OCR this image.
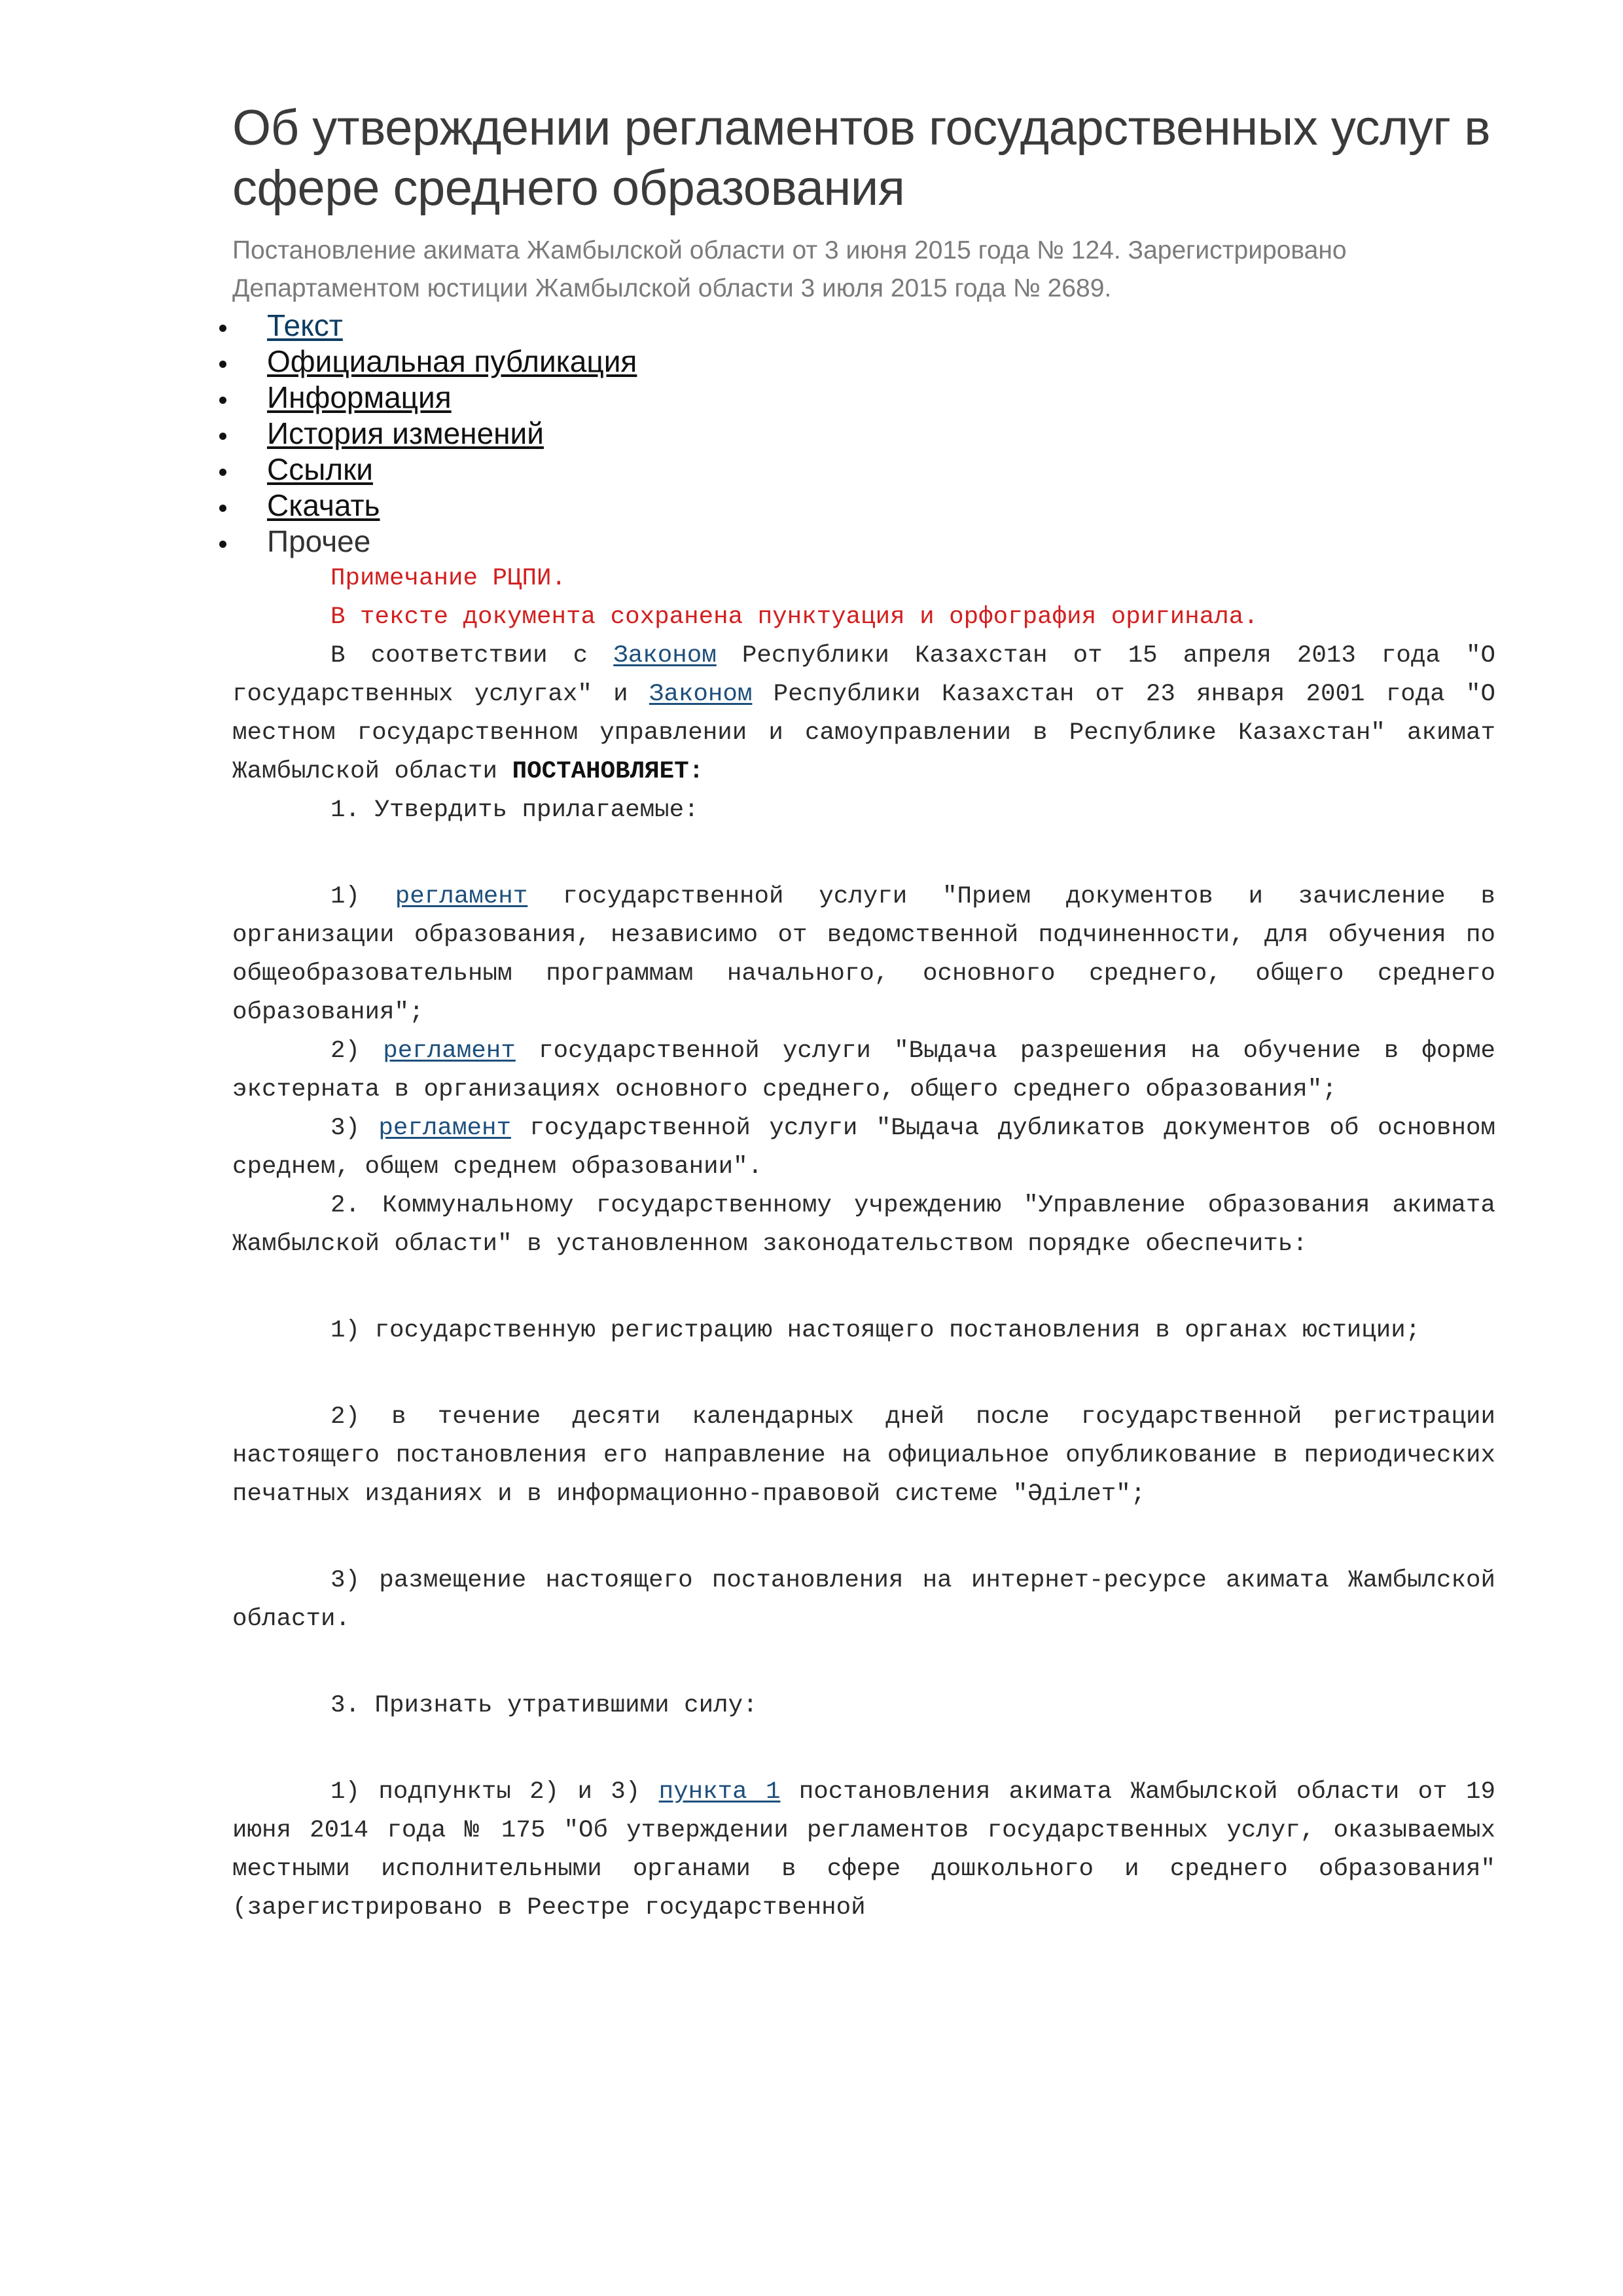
Об утверждении регламентов государственных услуг в сфере среднего образования
Постановление акимата Жамбылской области от 3 июня 2015 года № 124. Зарегистрировано Департаментом юстиции Жамбылской области 3 июля 2015 года № 2689.
Текст
Официальная публикация
Информация
История изменений
Ссылки
Скачать
Прочее

Примечание РЦПИ.

В тексте документа сохранена пунктуация и орфография оригинала.

В соответствии с Законом Республики Казахстан от 15 апреля 2013 года "О государственных услугах" и Законом Республики Казахстан от 23 января 2001 года "О местном государственном управлении и самоуправлении в Республике Казахстан" акимат Жамбылской области ПОСТАНОВЛЯЕТ:

1. Утвердить прилагаемые:

1) регламент государственной услуги "Прием документов и зачисление в организации образования, независимо от ведомственной подчиненности, для обучения по общеобразовательным программам начального, основного среднего, общего среднего образования";

2) регламент государственной услуги "Выдача разрешения на обучение в форме экстерната в организациях основного среднего, общего среднего образования";

3) регламент государственной услуги "Выдача дубликатов документов об основном среднем, общем среднем образовании".

2. Коммунальному государственному учреждению "Управление образования акимата Жамбылской области" в установленном законодательством порядке обеспечить:

1) государственную регистрацию настоящего постановления в органах юстиции;

2) в течение десяти календарных дней после государственной регистрации настоящего постановления его направление на официальное опубликование в периодических печатных изданиях и в информационно-правовой системе "Әділет";

3) размещение настоящего постановления на интернет-ресурсе акимата Жамбылской области.

3. Признать утратившими силу:

1) подпункты 2) и 3) пункта 1 постановления акимата Жамбылской области от 19 июня 2014 года № 175 "Об утверждении регламентов государственных услуг, оказываемых местными исполнительными органами в сфере дошкольного и среднего образования" (зарегистрировано в Реестре государственной
